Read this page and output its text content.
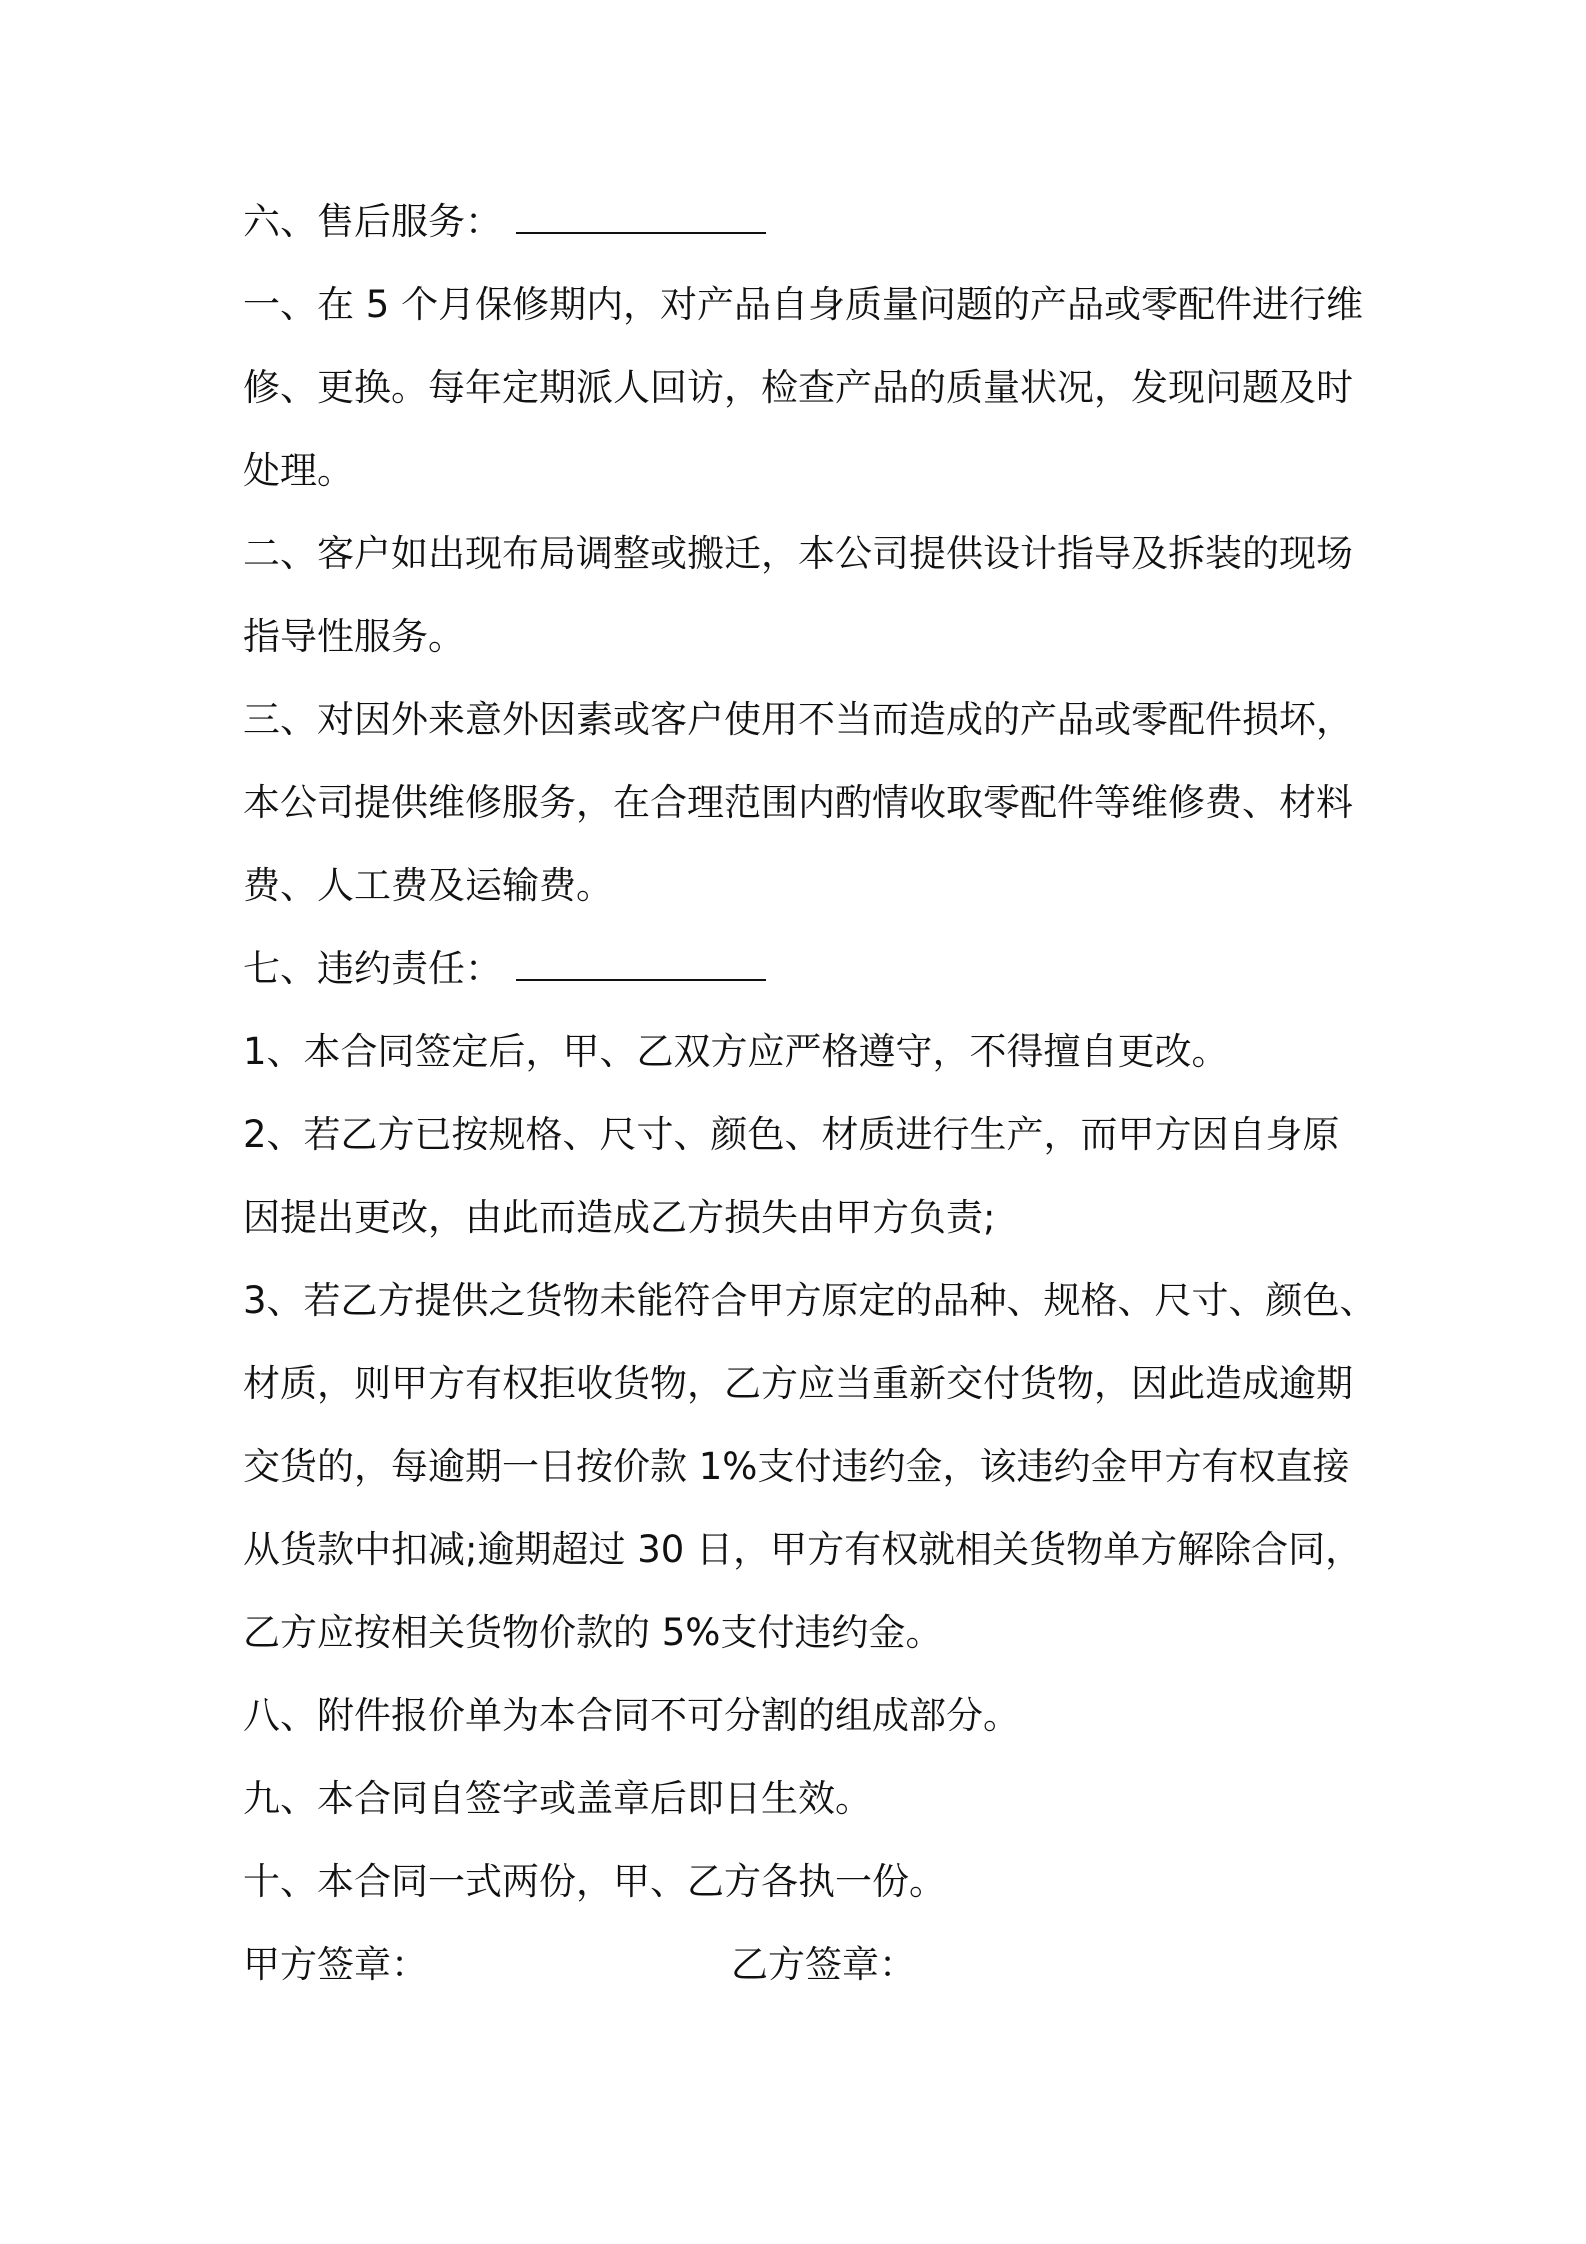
六、售后服务：
一、在 5 个月保修期内，对产品自身质量问题的产品或零配件进行维
修、更换。每年定期派人回访，检查产品的质量状况，发现问题及时
处理。
二、客户如出现布局调整或搬迁，本公司提供设计指导及拆装的现场
指导性服务。
三、对因外来意外因素或客户使用不当而造成的产品或零配件损坏，
本公司提供维修服务，在合理范围内酌情收取零配件等维修费、材料
费、人工费及运输费。
七、违约责任：
1、本合同签定后，甲、乙双方应严格遵守，不得擅自更改。
2、若乙方已按规格、尺寸、颜色、材质进行生产，而甲方因自身原
因提出更改，由此而造成乙方损失由甲方负责;
3、若乙方提供之货物未能符合甲方原定的品种、规格、尺寸、颜色、
材质，则甲方有权拒收货物，乙方应当重新交付货物，因此造成逾期
交货的，每逾期一日按价款 1%支付违约金，该违约金甲方有权直接
从货款中扣减;逾期超过 30 日，甲方有权就相关货物单方解除合同，
乙方应按相关货物价款的 5%支付违约金。
八、附件报价单为本合同不可分割的组成部分。
九、本合同自签字或盖章后即日生效。
十、本合同一式两份，甲、乙方各执一份。
甲方签章：	乙方签章：
